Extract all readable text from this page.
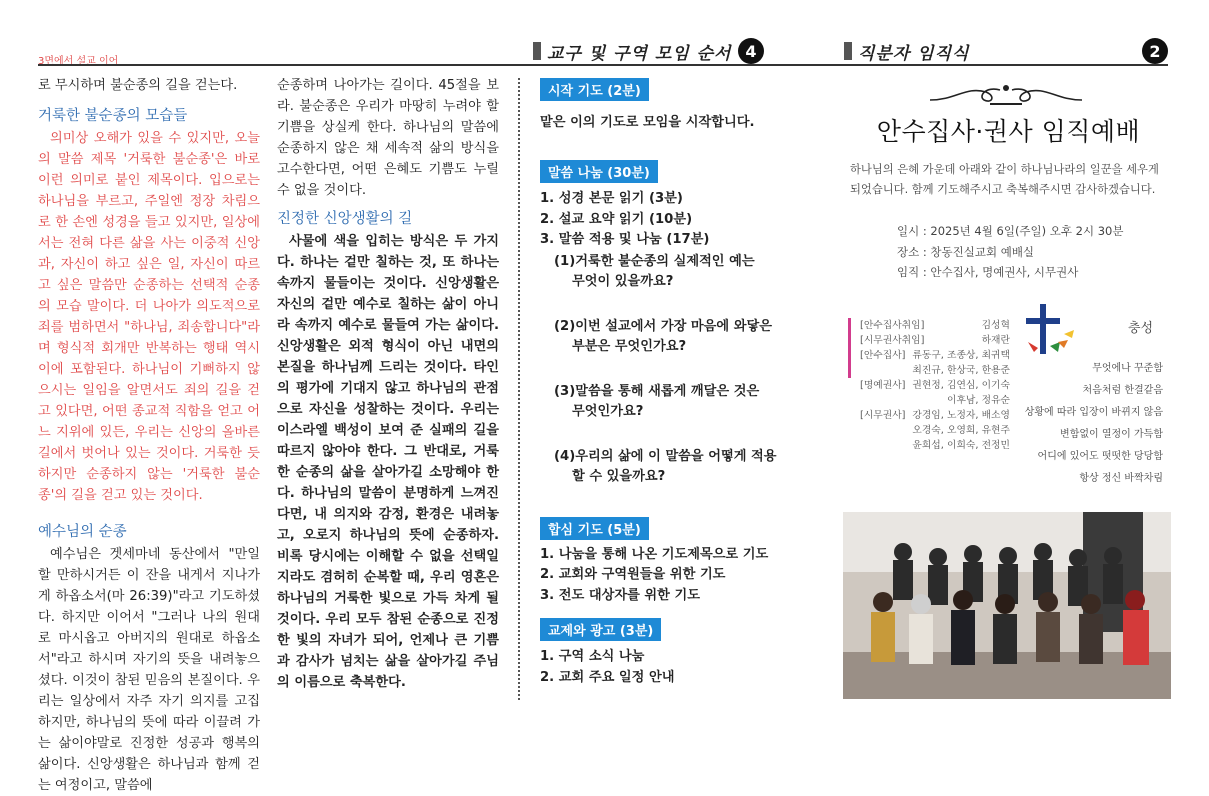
3면에서 설교 이어	교구 및 구역 모임 순서 4	직분자 임직식	2

로 무시하며 불순종의 길을 걷는다.

거룩한 불순종의 모습들

의미상 오해가 있을 수 있지만, 오늘의 말씀 제목 '거룩한 불순종'은 바로 이런 의미로 붙인 제목이다. 입으로는 하나님을 부르고, 주일엔 정장 차림으로 한 손엔 성경을 들고 있지만, 일상에서는 전혀 다른 삶을 사는 이중적 신앙과, 자신이 하고 싶은 일, 자신이 따르고 싶은 말씀만 순종하는 선택적 순종의 모습 말이다. 더 나아가 의도적으로 죄를 범하면서 "하나님, 죄송합니다"라며 형식적 회개만 반복하는 행태 역시 이에 포함된다. 하나님이 기뻐하지 않으시는 일임을 알면서도 죄의 길을 걷고 있다면, 어떤 종교적 직함을 얻고 어느 지위에 있든, 우리는 신앙의 올바른 길에서 벗어나 있는 것이다. 거룩한 듯하지만 순종하지 않는 '거룩한 불순종'의 길을 걷고 있는 것이다.

예수님의 순종

예수님은 겟세마네 동산에서 "만일 할 만하시거든 이 잔을 내게서 지나가게 하옵소서(마 26:39)"라고 기도하셨다. 하지만 이어서 "그러나 나의 원대로 마시옵고 아버지의 원대로 하옵소서"라고 하시며 자기의 뜻을 내려놓으셨다. 이것이 참된 믿음의 본질이다. 우리는 일상에서 자주 자기 의지를 고집하지만, 하나님의 뜻에 따라 이끌려 가는 삶이야말로 진정한 성공과 행복의 삶이다. 신앙생활은 하나님과 함께 걷는 여정이고, 말씀에

순종하며 나아가는 길이다. 45절을 보라. 불순종은 우리가 마땅히 누려야 할 기쁨을 상실케 한다. 하나님의 말씀에 순종하지 않은 채 세속적 삶의 방식을 고수한다면, 어떤 은혜도 기쁨도 누릴 수 없을 것이다.

진정한 신앙생활의 길

사물에 색을 입히는 방식은 두 가지다. 하나는 겉만 칠하는 것, 또 하나는 속까지 물들이는 것이다. 신앙생활은 자신의 겉만 예수로 칠하는 삶이 아니라 속까지 예수로 물들여 가는 삶이다. 신앙생활은 외적 형식이 아닌 내면의 본질을 하나님께 드리는 것이다. 타인의 평가에 기대지 않고 하나님의 관점으로 자신을 성찰하는 것이다. 우리는 이스라엘 백성이 보여 준 실패의 길을 따르지 않아야 한다. 그 반대로, 거룩한 순종의 삶을 살아가길 소망해야 한다. 하나님의 말씀이 분명하게 느껴진다면, 내 의지와 감정, 환경은 내려놓고, 오로지 하나님의 뜻에 순종하자. 비록 당시에는 이해할 수 없을 선택일지라도 겸허히 순복할 때, 우리 영혼은 하나님의 거룩한 빛으로 가득 차게 될 것이다. 우리 모두 참된 순종으로 진정한 빛의 자녀가 되어, 언제나 큰 기쁨과 감사가 넘치는 삶을 살아가길 주님의 이름으로 축복한다.

시작 기도 (2분)
맡은 이의 기도로 모임을 시작합니다.
말씀 나눔 (30분)
1. 성경 본문 읽기 (3분)
2. 설교 요약 읽기 (10분)
3. 말씀 적용 및 나눔 (17분)
(1)거룩한 불순종의 실제적인 예는
무엇이 있을까요?
(2)이번 설교에서 가장 마음에 와닿은
부분은 무엇인가요?
(3)말씀을 통해 새롭게 깨달은 것은
무엇인가요?
(4)우리의 삶에 이 말씀을 어떻게 적용
할 수 있을까요?
합심 기도 (5분)
1. 나눔을 통해 나온 기도제목으로 기도
2. 교회와 구역원들을 위한 기도
3. 전도 대상자를 위한 기도
교제와 광고 (3분)
1. 구역 소식 나눔
2. 교회 주요 일정 안내
안수집사·권사 임직예배
하나님의 은혜 가운데 아래와 같이 하나님나라의 일꾼을 세우게 되었습니다. 함께 기도해주시고 축복해주시면 감사하겠습니다.
일시 : 2025년 4월 6일(주일) 오후 2시 30분
장소 : 창동진실교회 예배실
임직 : 안수집사, 명예권사, 시무권사
[안수집사취임]	김성혁
[시무권사취임]	하재란
[안수집사] 류동구, 조종상, 최귀택
최진규, 한상국, 한용준
[명예권사] 권현정, 김연심, 이기숙
이후남, 정유순
[시무권사] 강경임, 노정자, 배소영
오경숙, 오영희, 유현주
윤희섭, 이희숙, 전정민
충성
무엇에나 꾸준함
처음처럼 한결같음
상황에 따라 입장이 바뀌지 않음
변함없이 열정이 가득함
어디에 있어도 떳떳한 당당함
항상 정신 바짝차림
